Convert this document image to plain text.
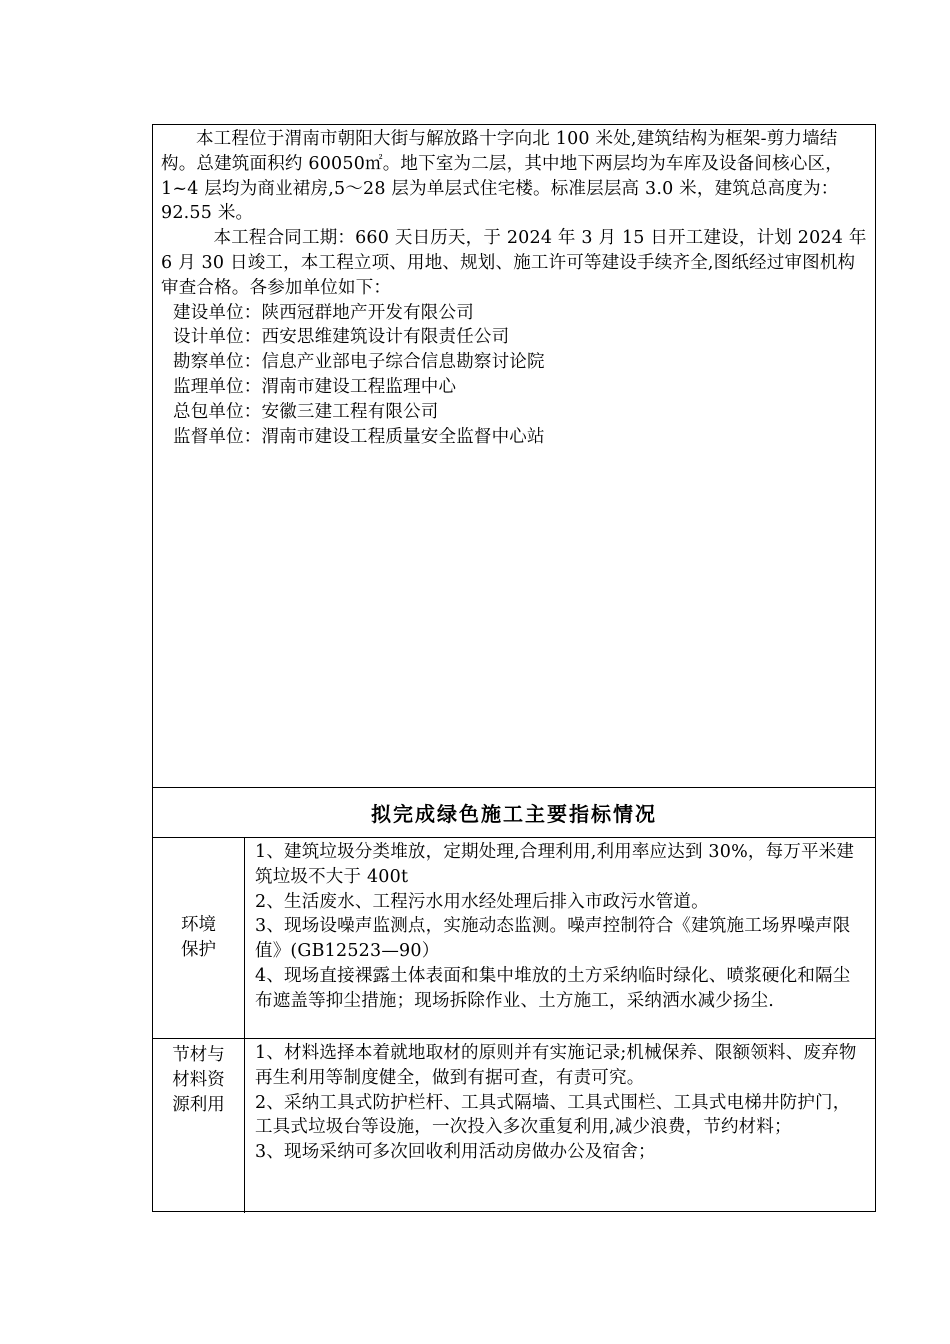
本工程位于渭南市朝阳大街与解放路十字向北 100 米处,建筑结构为框架-剪力墙结构。总建筑面积约 60050㎡。地下室为二层，其中地下两层均为车库及设备间核心区，1~4 层均为商业裙房,5～28 层为单层式住宅楼。标准层层高 3.0 米，建筑总高度为：92.55 米。

本工程合同工期：660 天日历天，于 2024 年 3 月 15 日开工建设，计划 2024 年 6 月 30 日竣工，本工程立项、用地、规划、施工许可等建设手续齐全,图纸经过审图机构审查合格。各参加单位如下：

建设单位：陕西冠群地产开发有限公司

设计单位：西安思维建筑设计有限责任公司

勘察单位：信息产业部电子综合信息勘察讨论院

监理单位：渭南市建设工程监理中心

总包单位：安徽三建工程有限公司

监督单位：渭南市建设工程质量安全监督中心站

拟完成绿色施工主要指标情况
环境
保护

1、建筑垃圾分类堆放，定期处理,合理利用,利用率应达到 30%，每万平米建筑垃圾不大于 400t

2、生活废水、工程污水用水经处理后排入市政污水管道。

3、现场设噪声监测点，实施动态监测。噪声控制符合《建筑施工场界噪声限值》(GB12523—90）

4、现场直接裸露土体表面和集中堆放的土方采纳临时绿化、喷浆硬化和隔尘布遮盖等抑尘措施；现场拆除作业、土方施工，采纳洒水减少扬尘.

节材与
材料资
源利用

1、材料选择本着就地取材的原则并有实施记录;机械保养、限额领料、废弃物再生利用等制度健全，做到有据可查，有责可究。

2、采纳工具式防护栏杆、工具式隔墙、工具式围栏、工具式电梯井防护门，工具式垃圾台等设施，一次投入多次重复利用,减少浪费，节约材料；

3、现场采纳可多次回收利用活动房做办公及宿舍；
